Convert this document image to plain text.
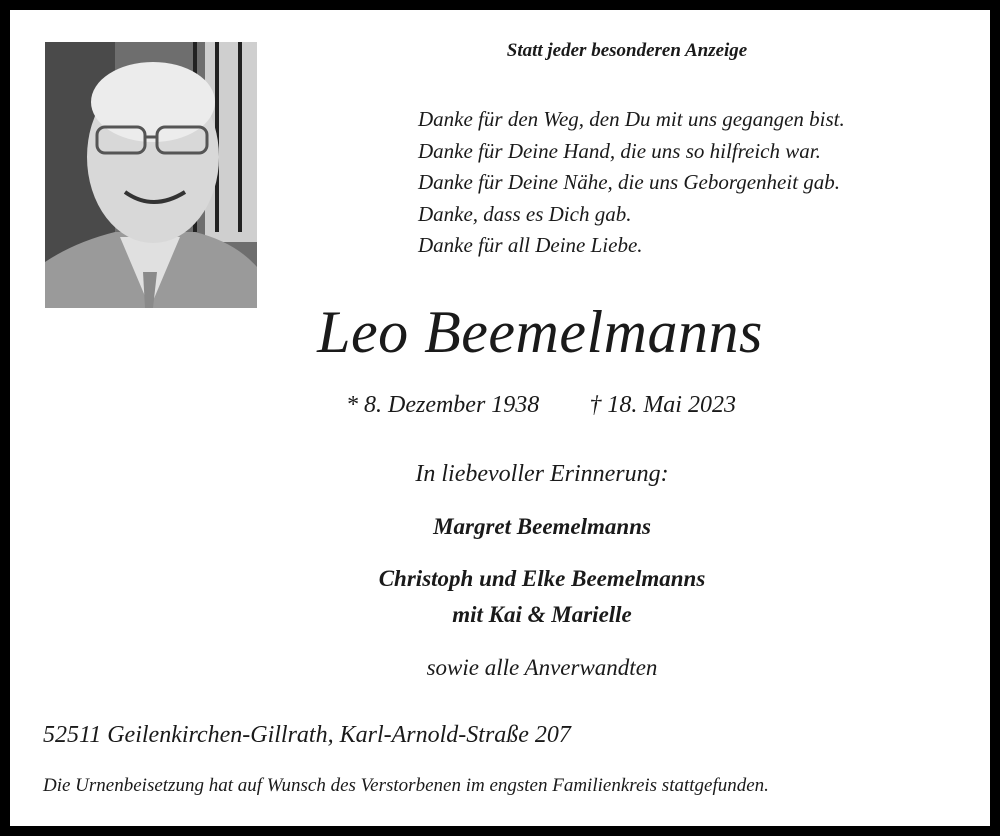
Statt jeder besonderen Anzeige
Danke für den Weg, den Du mit uns gegangen bist.
Danke für Deine Hand, die uns so hilfreich war.
Danke für Deine Nähe, die uns Geborgenheit gab.
Danke, dass es Dich gab.
Danke für all Deine Liebe.
Leo Beemelmanns
* 8. Dezember 1938 † 18. Mai 2023
In liebevoller Erinnerung:
Margret Beemelmanns
Christoph und Elke Beemelmanns
mit Kai & Marielle
sowie alle Anverwandten
52511 Geilenkirchen-Gillrath, Karl-Arnold-Straße 207
Die Urnenbeisetzung hat auf Wunsch des Verstorbenen im engsten Familienkreis stattgefunden.
